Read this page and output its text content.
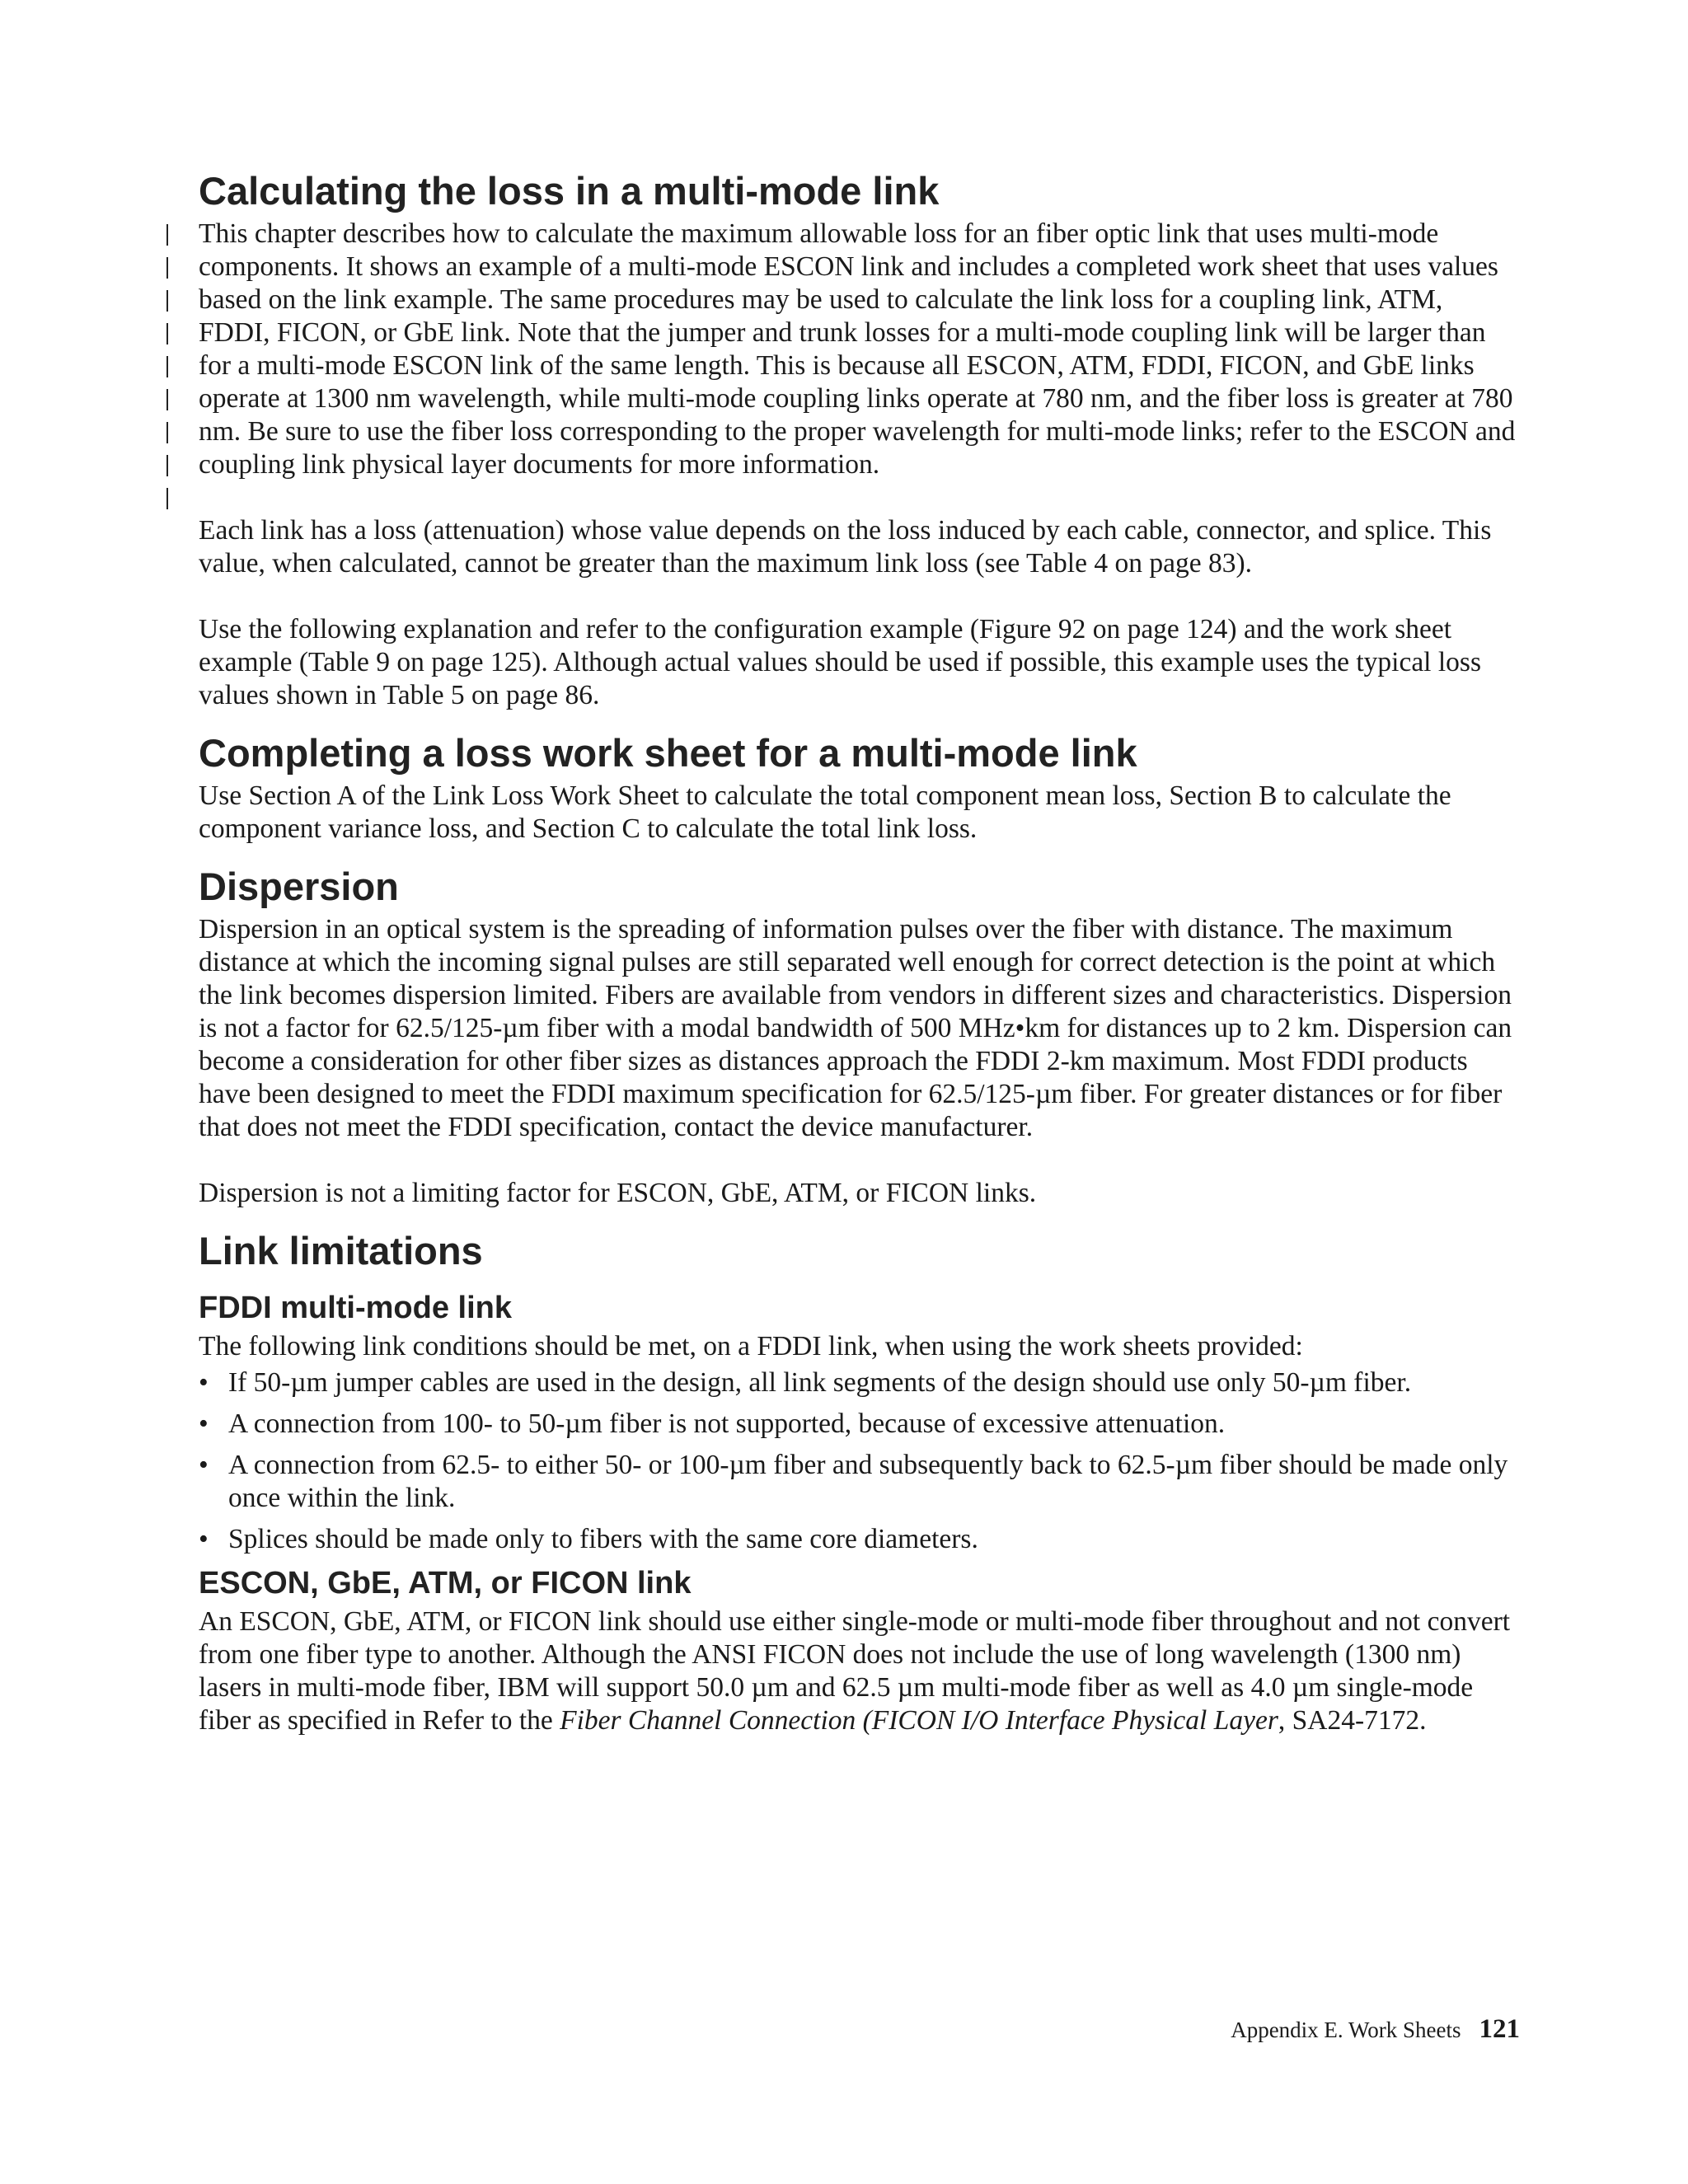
Calculating the loss in a multi-mode link

This chapter describes how to calculate the maximum allowable loss for an fiber optic link that uses multi-mode components. It shows an example of a multi-mode ESCON link and includes a completed work sheet that uses values based on the link example. The same procedures may be used to calculate the link loss for a coupling link, ATM, FDDI, FICON, or GbE link. Note that the jumper and trunk losses for a multi-mode coupling link will be larger than for a multi-mode ESCON link of the same length. This is because all ESCON, ATM, FDDI, FICON, and GbE links operate at 1300 nm wavelength, while multi-mode coupling links operate at 780 nm, and the fiber loss is greater at 780 nm. Be sure to use the fiber loss corresponding to the proper wavelength for multi-mode links; refer to the ESCON and coupling link physical layer documents for more information.

Each link has a loss (attenuation) whose value depends on the loss induced by each cable, connector, and splice. This value, when calculated, cannot be greater than the maximum link loss (see Table 4 on page 83).

Use the following explanation and refer to the configuration example (Figure 92 on page 124) and the work sheet example (Table 9 on page 125). Although actual values should be used if possible, this example uses the typical loss values shown in Table 5 on page 86.

Completing a loss work sheet for a multi-mode link

Use Section A of the Link Loss Work Sheet to calculate the total component mean loss, Section B to calculate the component variance loss, and Section C to calculate the total link loss.

Dispersion

Dispersion in an optical system is the spreading of information pulses over the fiber with distance. The maximum distance at which the incoming signal pulses are still separated well enough for correct detection is the point at which the link becomes dispersion limited. Fibers are available from vendors in different sizes and characteristics. Dispersion is not a factor for 62.5/125-µm fiber with a modal bandwidth of 500 MHz•km for distances up to 2 km. Dispersion can become a consideration for other fiber sizes as distances approach the FDDI 2-km maximum. Most FDDI products have been designed to meet the FDDI maximum specification for 62.5/125-µm fiber. For greater distances or for fiber that does not meet the FDDI specification, contact the device manufacturer.

Dispersion is not a limiting factor for ESCON, GbE, ATM, or FICON links.

Link limitations
FDDI multi-mode link

The following link conditions should be met, on a FDDI link, when using the work sheets provided:

• If 50-µm jumper cables are used in the design, all link segments of the design should use only 50-µm fiber.
• A connection from 100- to 50-µm fiber is not supported, because of excessive attenuation.
• A connection from 62.5- to either 50- or 100-µm fiber and subsequently back to 62.5-µm fiber should be made only once within the link.
• Splices should be made only to fibers with the same core diameters.
ESCON, GbE, ATM, or FICON link

An ESCON, GbE, ATM, or FICON link should use either single-mode or multi-mode fiber throughout and not convert from one fiber type to another. Although the ANSI FICON does not include the use of long wavelength (1300 nm) lasers in multi-mode fiber, IBM will support 50.0 µm and 62.5 µm multi-mode fiber as well as 4.0 µm single-mode fiber as specified in Refer to the Fiber Channel Connection (FICON I/O Interface Physical Layer, SA24-7172.

Appendix E. Work Sheets 121
